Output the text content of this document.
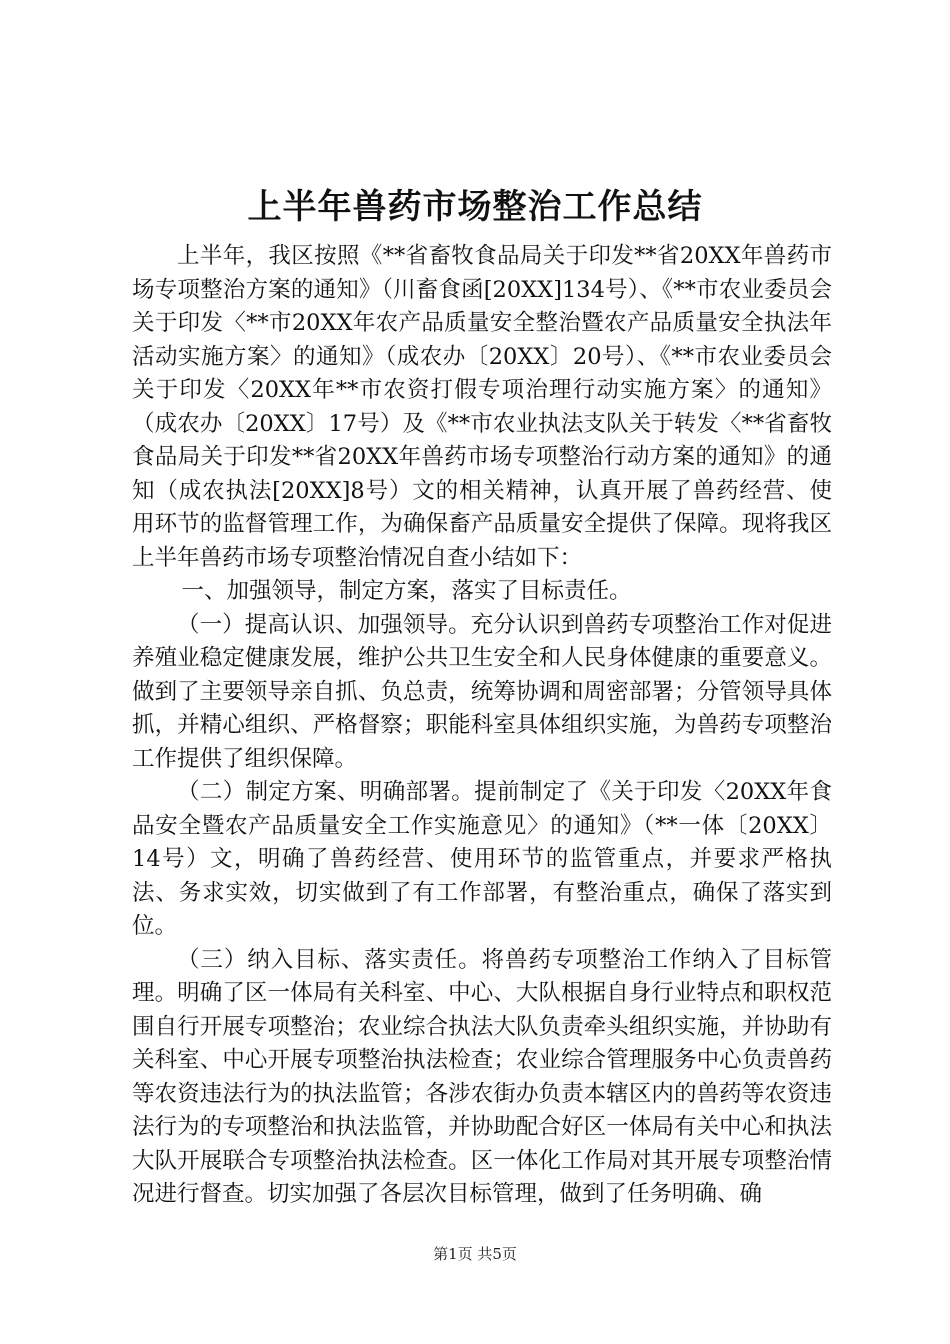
上半年兽药市场整治工作总结

上半年，我区按照《**省畜牧食品局关于印发**省20XX年兽药市场专项整治方案的通知》（川畜食函[20XX]134号）、《**市农业委员会关于印发〈**市20XX年农产品质量安全整治暨农产品质量安全执法年活动实施方案〉的通知》（成农办〔20XX〕20号）、《**市农业委员会关于印发〈20XX年**市农资打假专项治理行动实施方案〉的通知》（成农办〔20XX〕17号）及《**市农业执法支队关于转发〈**省畜牧食品局关于印发**省20XX年兽药市场专项整治行动方案的通知》的通知（成农执法[20XX]8号）文的相关精神，认真开展了兽药经营、使用环节的监督管理工作，为确保畜产品质量安全提供了保障。现将我区上半年兽药市场专项整治情况自查小结如下：

一、加强领导，制定方案，落实了目标责任。

（一）提高认识、加强领导。充分认识到兽药专项整治工作对促进养殖业稳定健康发展，维护公共卫生安全和人民身体健康的重要意义。做到了主要领导亲自抓、负总责，统筹协调和周密部署；分管领导具体抓，并精心组织、严格督察；职能科室具体组织实施，为兽药专项整治工作提供了组织保障。

（二）制定方案、明确部署。提前制定了《关于印发〈20XX年食品安全暨农产品质量安全工作实施意见〉的通知》（**一体〔20XX〕14号）文，明确了兽药经营、使用环节的监管重点，并要求严格执法、务求实效，切实做到了有工作部署，有整治重点，确保了落实到位。

（三）纳入目标、落实责任。将兽药专项整治工作纳入了目标管理。明确了区一体局有关科室、中心、大队根据自身行业特点和职权范围自行开展专项整治；农业综合执法大队负责牵头组织实施，并协助有关科室、中心开展专项整治执法检查；农业综合管理服务中心负责兽药等农资违法行为的执法监管；各涉农街办负责本辖区内的兽药等农资违法行为的专项整治和执法监管，并协助配合好区一体局有关中心和执法大队开展联合专项整治执法检查。区一体化工作局对其开展专项整治情况进行督查。切实加强了各层次目标管理，做到了任务明确、确

第1页 共5页
